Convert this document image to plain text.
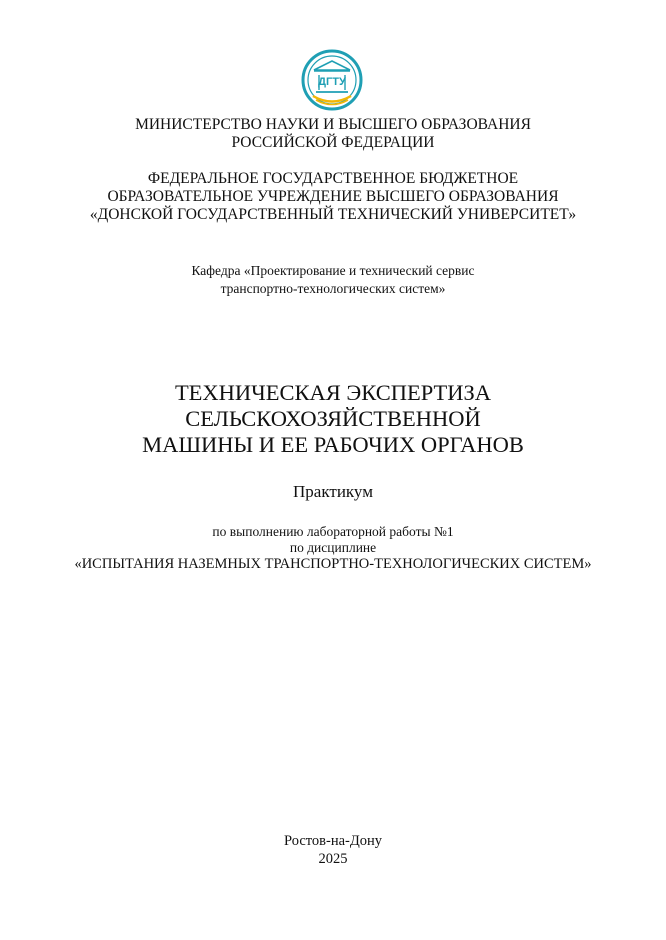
ДГТУ
МИНИСТЕРСТВО НАУКИ И ВЫСШЕГО ОБРАЗОВАНИЯ
РОССИЙСКОЙ ФЕДЕРАЦИИ
ФЕДЕРАЛЬНОЕ ГОСУДАРСТВЕННОЕ БЮДЖЕТНОЕ
ОБРАЗОВАТЕЛЬНОЕ УЧРЕЖДЕНИЕ ВЫСШЕГО ОБРАЗОВАНИЯ
«ДОНСКОЙ ГОСУДАРСТВЕННЫЙ ТЕХНИЧЕСКИЙ УНИВЕРСИТЕТ»
Кафедра «Проектирование и технический сервис
транспортно-технологических систем»
ТЕХНИЧЕСКАЯ ЭКСПЕРТИЗА
СЕЛЬСКОХОЗЯЙСТВЕННОЙ
МАШИНЫ И ЕЕ РАБОЧИХ ОРГАНОВ
Практикум
по выполнению лабораторной работы №1
по дисциплине
«ИСПЫТАНИЯ НАЗЕМНЫХ ТРАНСПОРТНО-ТЕХНОЛОГИЧЕСКИХ СИСТЕМ»
Ростов-на-Дону
2025
